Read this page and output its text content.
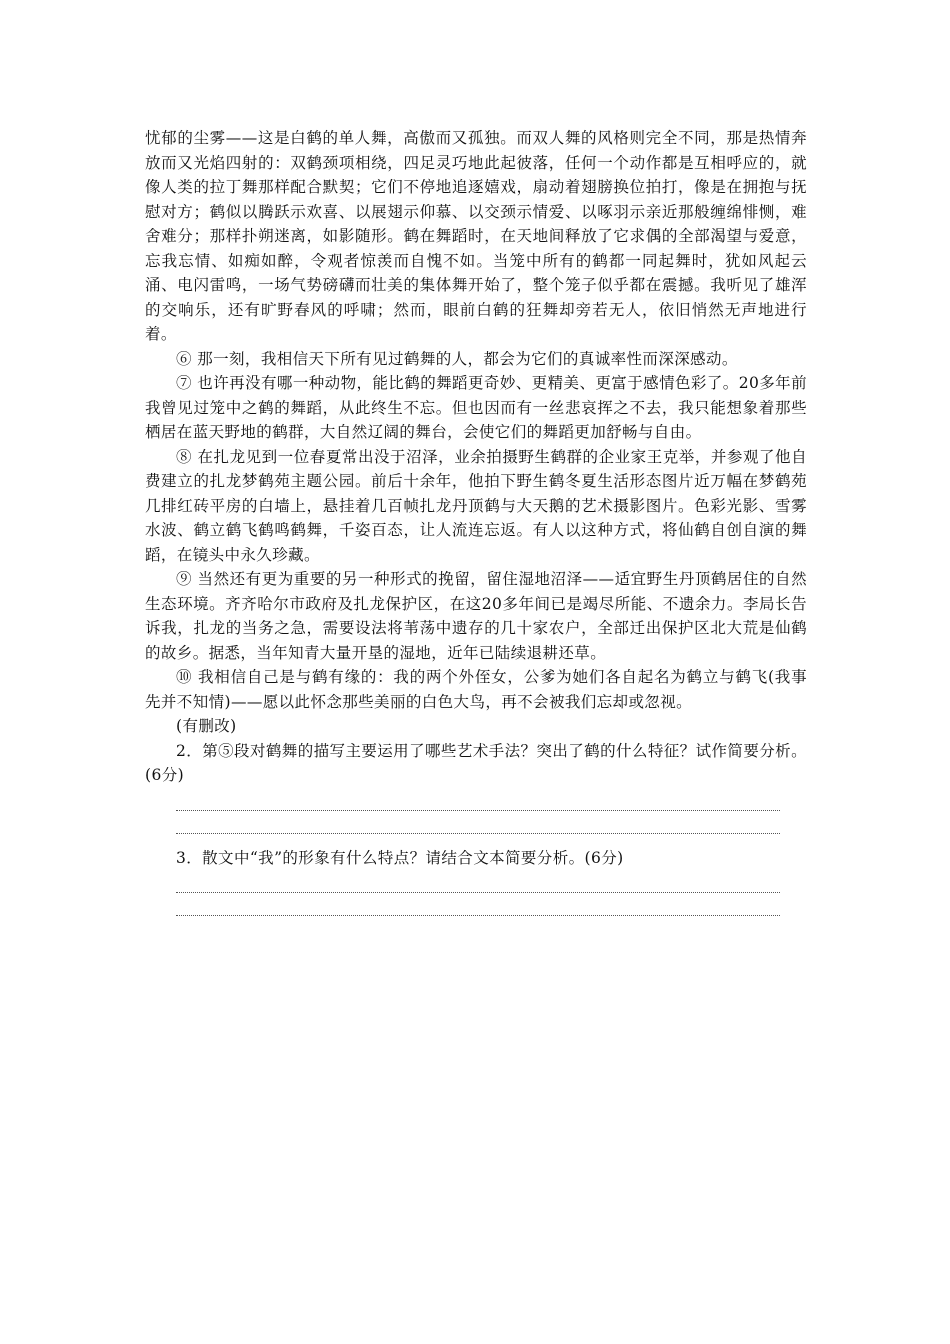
忧郁的尘雾——这是白鹤的单人舞，高傲而又孤独。而双人舞的风格则完全不同，那是热情奔放而又光焰四射的：双鹤颈项相绕，四足灵巧地此起彼落，任何一个动作都是互相呼应的，就像人类的拉丁舞那样配合默契；它们不停地追逐嬉戏，扇动着翅膀换位拍打，像是在拥抱与抚慰对方；鹤似以腾跃示欢喜、以展翅示仰慕、以交颈示情爱、以啄羽示亲近那般缠绵悱恻，难舍难分；那样扑朔迷离，如影随形。鹤在舞蹈时，在天地间释放了它求偶的全部渴望与爱意，忘我忘情、如痴如醉，令观者惊羡而自愧不如。当笼中所有的鹤都一同起舞时，犹如风起云涌、电闪雷鸣，一场气势磅礴而壮美的集体舞开始了，整个笼子似乎都在震撼。我听见了雄浑的交响乐，还有旷野春风的呼啸；然而，眼前白鹤的狂舞却旁若无人，依旧悄然无声地进行着。

⑥ 那一刻，我相信天下所有见过鹤舞的人，都会为它们的真诚率性而深深感动。

⑦ 也许再没有哪一种动物，能比鹤的舞蹈更奇妙、更精美、更富于感情色彩了。20多年前我曾见过笼中之鹤的舞蹈，从此终生不忘。但也因而有一丝悲哀挥之不去，我只能想象着那些栖居在蓝天野地的鹤群，大自然辽阔的舞台，会使它们的舞蹈更加舒畅与自由。

⑧ 在扎龙见到一位春夏常出没于沼泽，业余拍摄野生鹤群的企业家王克举，并参观了他自费建立的扎龙梦鹤苑主题公园。前后十余年，他拍下野生鹤冬夏生活形态图片近万幅在梦鹤苑几排红砖平房的白墙上，悬挂着几百帧扎龙丹顶鹤与大天鹅的艺术摄影图片。色彩光影、雪雾水波、鹤立鹤飞鹤鸣鹤舞，千姿百态，让人流连忘返。有人以这种方式，将仙鹤自创自演的舞蹈，在镜头中永久珍藏。

⑨ 当然还有更为重要的另一种形式的挽留，留住湿地沼泽——适宜野生丹顶鹤居住的自然生态环境。齐齐哈尔市政府及扎龙保护区，在这20多年间已是竭尽所能、不遗余力。李局长告诉我，扎龙的当务之急，需要设法将苇荡中遗存的几十家农户，全部迁出保护区北大荒是仙鹤的故乡。据悉，当年知青大量开垦的湿地，近年已陆续退耕还草。

⑩ 我相信自己是与鹤有缘的：我的两个外侄女，公爹为她们各自起名为鹤立与鹤飞(我事先并不知情)——愿以此怀念那些美丽的白色大鸟，再不会被我们忘却或忽视。

(有删改)

2．第⑤段对鹤舞的描写主要运用了哪些艺术手法？突出了鹤的什么特征？试作简要分析。(6分)

3．散文中“我”的形象有什么特点？请结合文本简要分析。(6分)
